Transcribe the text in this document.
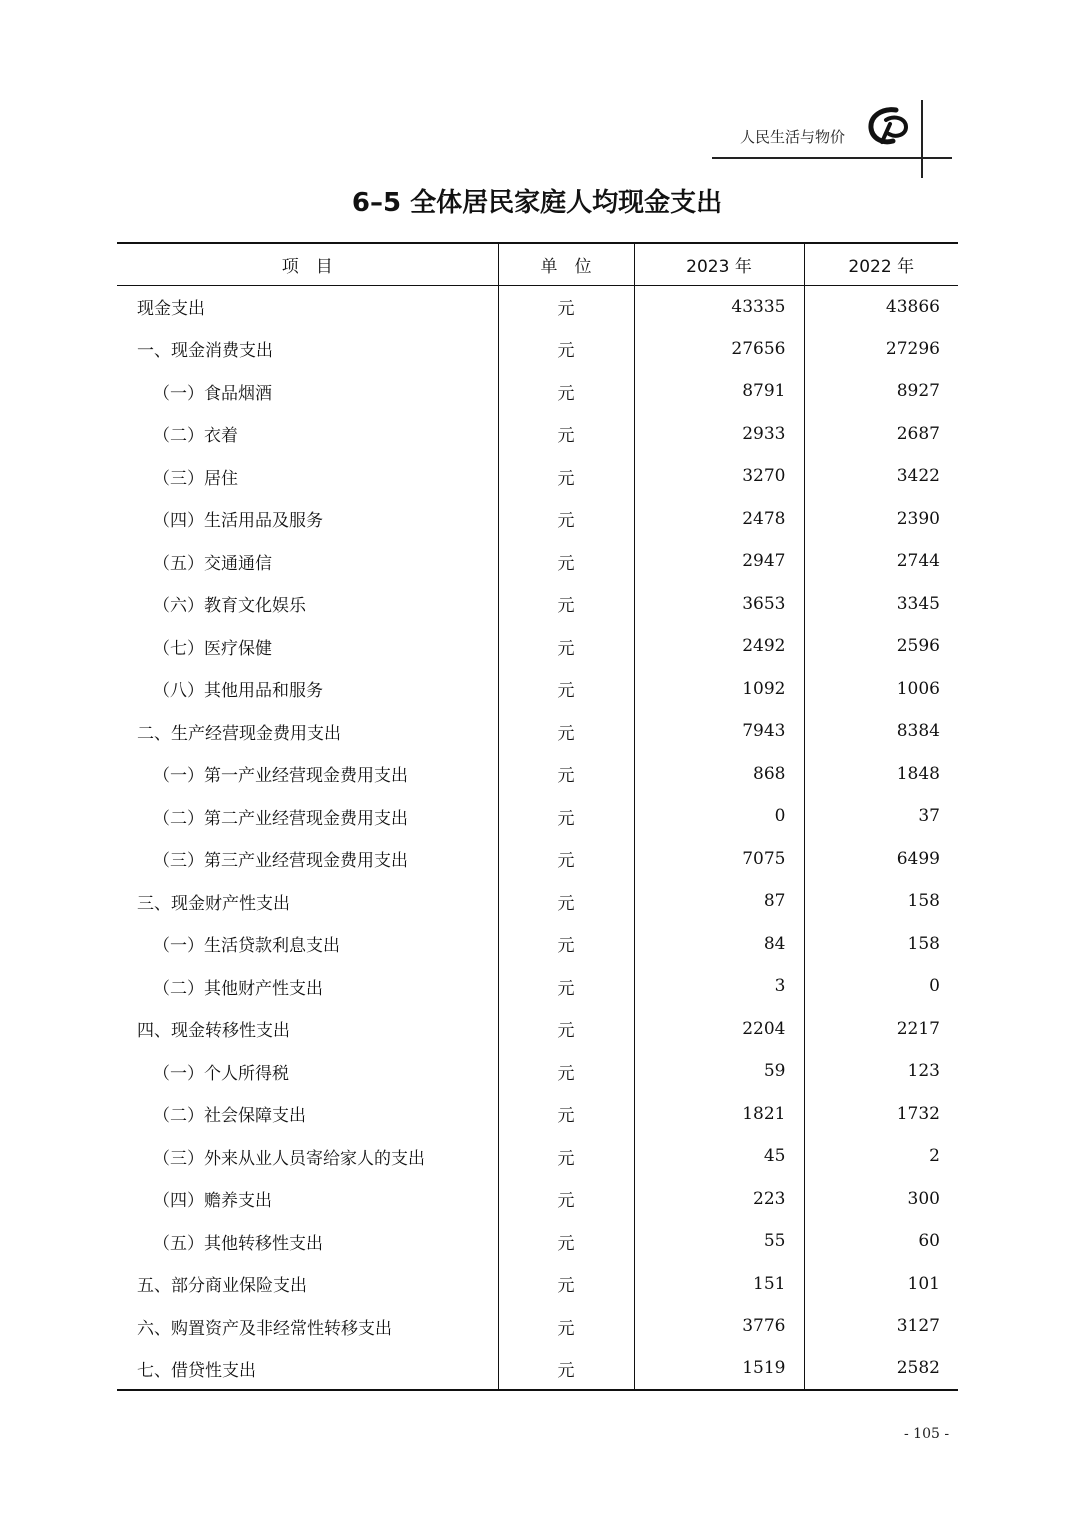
人民生活与物价
6–5 全体居民家庭人均现金支出
项　目	单　位	2023 年	2022 年
现金支出	元	43335	43866
一、现金消费支出	元	27656	27296
（一）食品烟酒	元	8791	8927
（二）衣着	元	2933	2687
（三）居住	元	3270	3422
（四）生活用品及服务	元	2478	2390
（五）交通通信	元	2947	2744
（六）教育文化娱乐	元	3653	3345
（七）医疗保健	元	2492	2596
（八）其他用品和服务	元	1092	1006
二、生产经营现金费用支出	元	7943	8384
（一）第一产业经营现金费用支出	元	868	1848
（二）第二产业经营现金费用支出	元	0	37
（三）第三产业经营现金费用支出	元	7075	6499
三、现金财产性支出	元	87	158
（一）生活贷款利息支出	元	84	158
（二）其他财产性支出	元	3	0
四、现金转移性支出	元	2204	2217
（一）个人所得税	元	59	123
（二）社会保障支出	元	1821	1732
（三）外来从业人员寄给家人的支出	元	45	2
（四）赡养支出	元	223	300
（五）其他转移性支出	元	55	60
五、部分商业保险支出	元	151	101
六、购置资产及非经常性转移支出	元	3776	3127
七、借贷性支出	元	1519	2582
- 105 -
